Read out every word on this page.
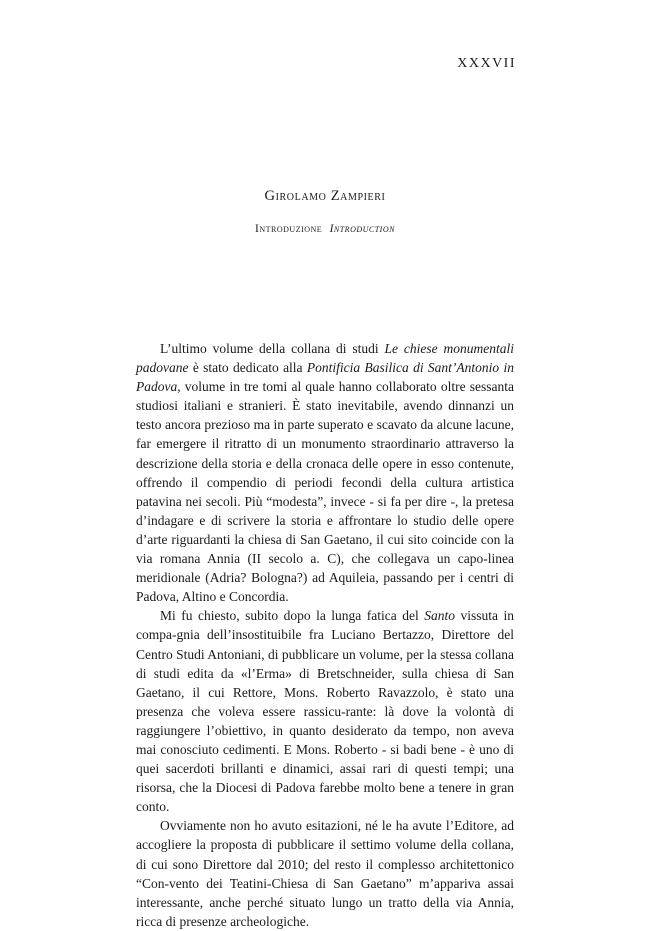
XXXVII

Girolamo Zampieri

Introduzione Introduction

L’ultimo volume della collana di studi Le chiese monumentali padovane è stato dedicato alla Pontificia Basilica di Sant’Antonio in Padova, volume in tre tomi al quale hanno collaborato oltre sessanta studiosi italiani e stranieri. È stato inevitabile, avendo dinnanzi un testo ancora prezioso ma in parte superato e scavato da alcune lacune, far emergere il ritratto di un monumento straordinario attraverso la descrizione della storia e della cronaca delle opere in esso contenute, offrendo il compendio di periodi fecondi della cultura artistica patavina nei secoli. Più “modesta”, invece - si fa per dire -, la pretesa d’indagare e di scrivere la storia e affrontare lo studio delle opere d’arte riguardanti la chiesa di San Gaetano, il cui sito coincide con la via romana Annia (II secolo a. C), che collegava un capo-linea meridionale (Adria? Bologna?) ad Aquileia, passando per i centri di Padova, Altino e Concordia.

Mi fu chiesto, subito dopo la lunga fatica del Santo vissuta in compa-gnia dell’insostituibile fra Luciano Bertazzo, Direttore del Centro Studi Antoniani, di pubblicare un volume, per la stessa collana di studi edita da «l’Erma» di Bretschneider, sulla chiesa di San Gaetano, il cui Rettore, Mons. Roberto Ravazzolo, è stato una presenza che voleva essere rassicu-rante: là dove la volontà di raggiungere l’obiettivo, in quanto desiderato da tempo, non aveva mai conosciuto cedimenti. E Mons. Roberto - si badi bene - è uno di quei sacerdoti brillanti e dinamici, assai rari di questi tempi; una risorsa, che la Diocesi di Padova farebbe molto bene a tenere in gran conto.

Ovviamente non ho avuto esitazioni, né le ha avute l’Editore, ad accogliere la proposta di pubblicare il settimo volume della collana, di cui sono Direttore dal 2010; del resto il complesso architettonico “Con-vento dei Teatini-Chiesa di San Gaetano” m’appariva assai interessante, anche perché situato lungo un tratto della via Annia, ricca di presenze archeologiche.
